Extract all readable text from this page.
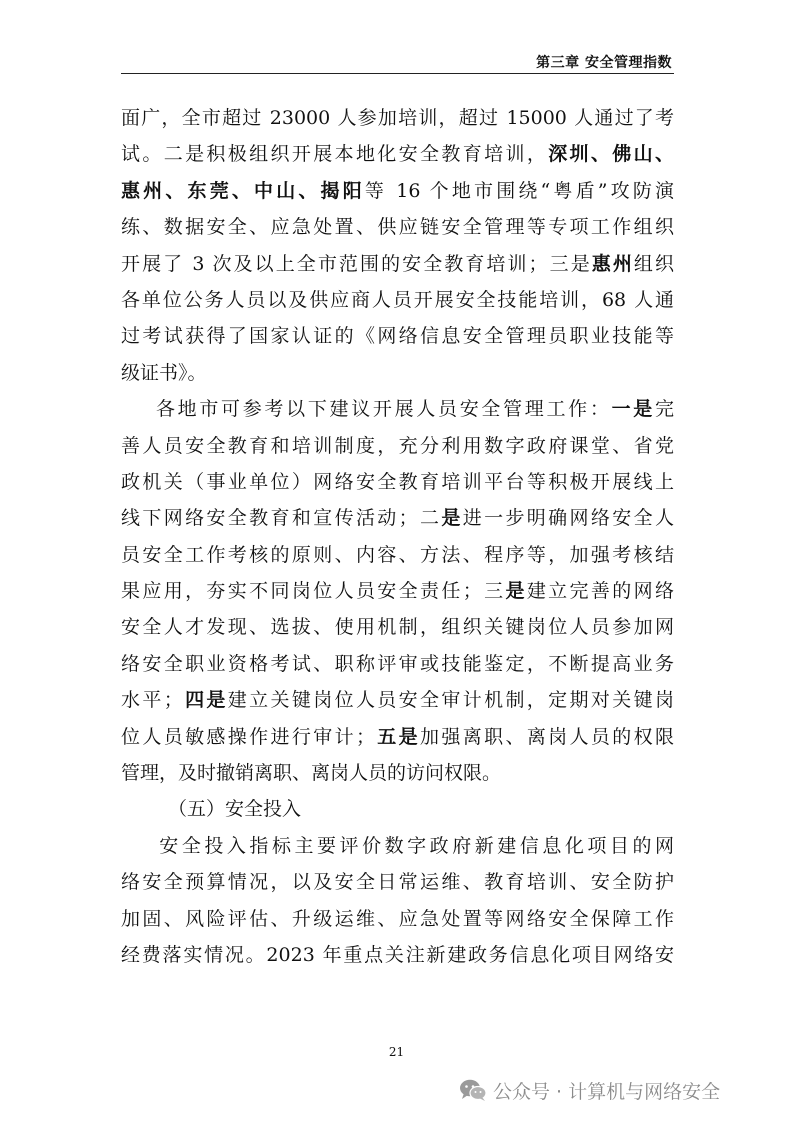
第三章 安全管理指数
面广，全市超过 23000 人参加培训，超过 15000 人通过了考
试。二是积极组织开展本地化安全教育培训，深圳、佛山、
惠州、东莞、中山、揭阳等 16 个地市围绕“粤盾”攻防演
练、数据安全、应急处置、供应链安全管理等专项工作组织
开展了 3 次及以上全市范围的安全教育培训；三是惠州组织
各单位公务人员以及供应商人员开展安全技能培训，68 人通
过考试获得了国家认证的《网络信息安全管理员职业技能等
级证书》。
各地市可参考以下建议开展人员安全管理工作：一是完
善人员安全教育和培训制度，充分利用数字政府课堂、省党
政机关（事业单位）网络安全教育培训平台等积极开展线上
线下网络安全教育和宣传活动；二是进一步明确网络安全人
员安全工作考核的原则、内容、方法、程序等，加强考核结
果应用，夯实不同岗位人员安全责任；三是建立完善的网络
安全人才发现、选拔、使用机制，组织关键岗位人员参加网
络安全职业资格考试、职称评审或技能鉴定，不断提高业务
水平；四是建立关键岗位人员安全审计机制，定期对关键岗
位人员敏感操作进行审计；五是加强离职、离岗人员的权限
管理，及时撤销离职、离岗人员的访问权限。
（五）安全投入
安全投入指标主要评价数字政府新建信息化项目的网
络安全预算情况，以及安全日常运维、教育培训、安全防护
加固、风险评估、升级运维、应急处置等网络安全保障工作
经费落实情况。2023 年重点关注新建政务信息化项目网络安
21
公众号 · 计算机与网络安全
